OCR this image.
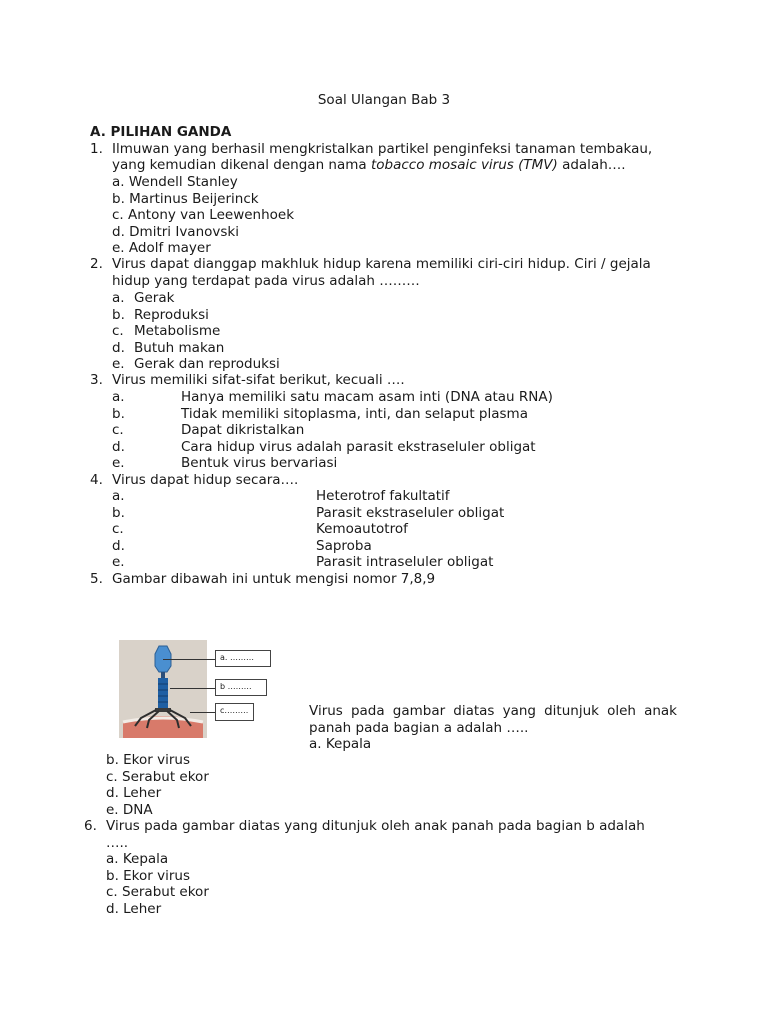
Soal Ulangan Bab 3
A. PILIHAN GANDA
1. Ilmuwan yang berhasil mengkristalkan partikel penginfeksi tanaman tembakau,
yang kemudian dikenal dengan nama tobacco mosaic virus (TMV) adalah….
a. Wendell Stanley
b. Martinus Beijerinck
c. Antony van Leewenhoek
d. Dmitri Ivanovski
e. Adolf mayer
2. Virus dapat dianggap makhluk hidup karena memiliki ciri-ciri hidup. Ciri / gejala
hidup yang terdapat pada virus adalah ………
a. Gerak
b. Reproduksi
c. Metabolisme
d. Butuh makan
e. Gerak dan reproduksi
3. Virus memiliki sifat-sifat berikut, kecuali ….
a.	Hanya memiliki satu macam asam inti (DNA atau RNA)
b.	Tidak memiliki sitoplasma, inti, dan selaput plasma
c.	Dapat dikristalkan
d.	Cara hidup virus adalah parasit ekstraseluler obligat
e.	Bentuk virus bervariasi
4. Virus dapat hidup secara….
a.	Heterotrof fakultatif
b.	Parasit ekstraseluler obligat
c.	Kemoautotrof
d.	Saproba
e.	Parasit intraseluler obligat
5. Gambar dibawah ini untuk mengisi nomor 7,8,9
a. ………
b ………
c………	Virus pada gambar diatas yang ditunjuk oleh anak
panah pada bagian a adalah …..
a. Kepala
b. Ekor virus
c. Serabut ekor
d. Leher
e. DNA
6. Virus pada gambar diatas yang ditunjuk oleh anak panah pada bagian b adalah
…..
a. Kepala
b. Ekor virus
c. Serabut ekor
d. Leher
